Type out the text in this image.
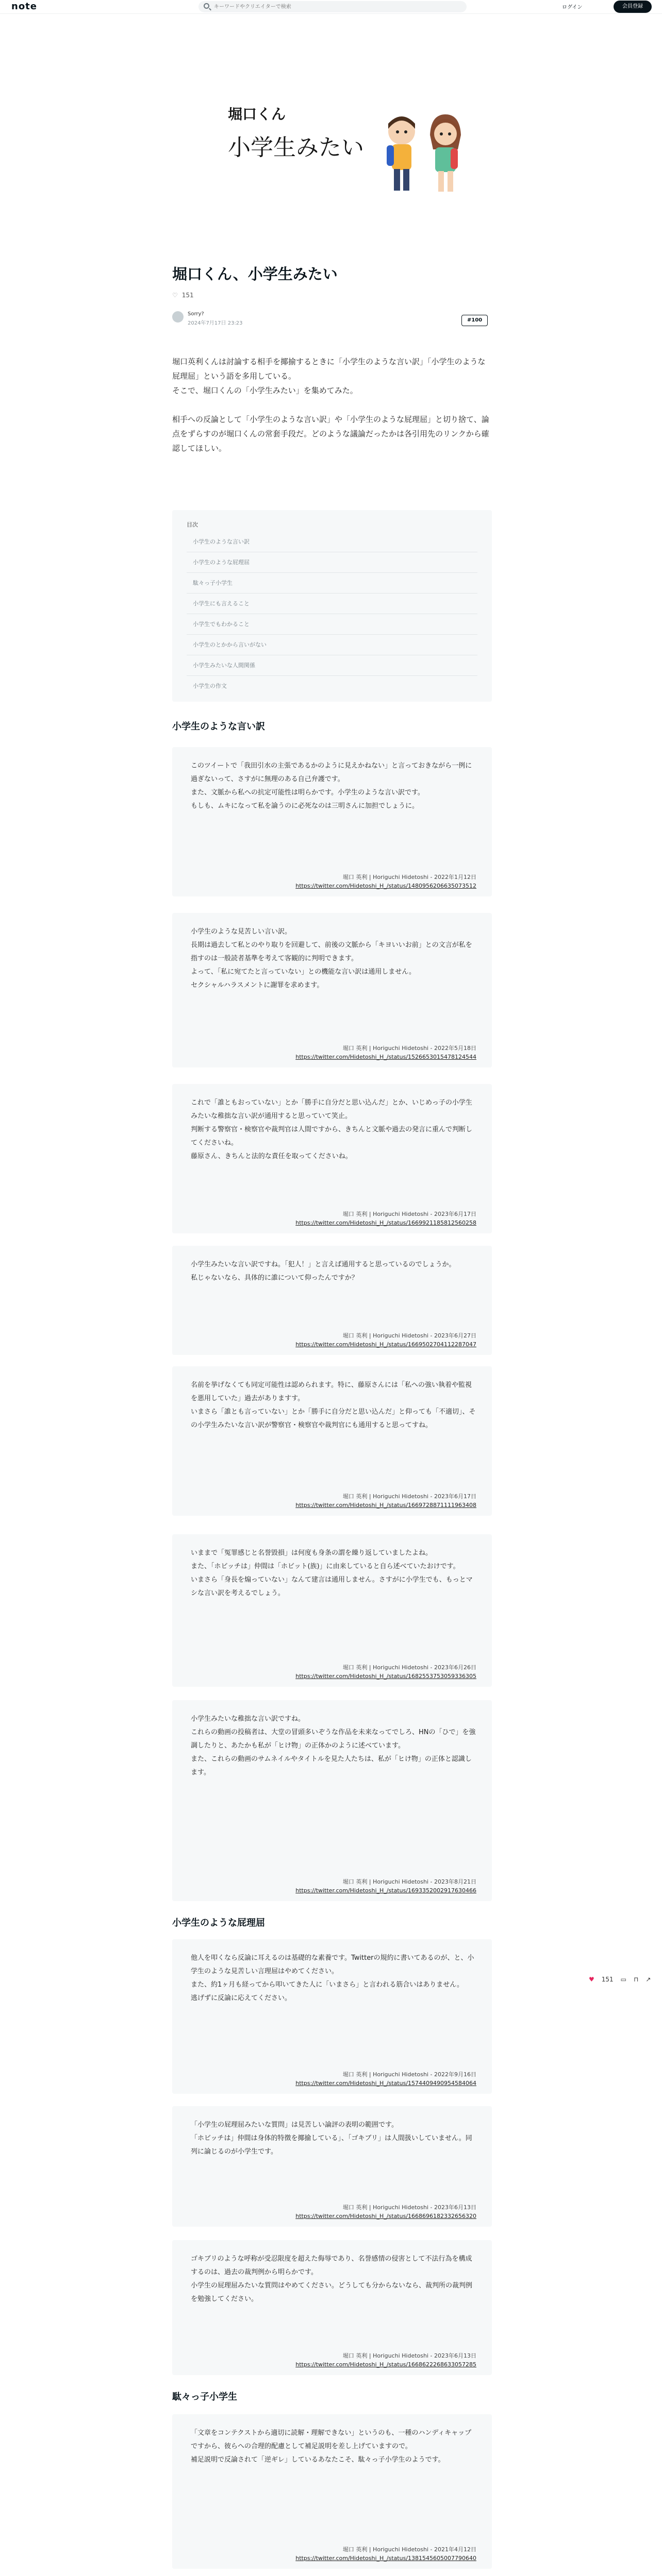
note
キーワードやクリエイターで検索	ログイン	会員登録
堀口くん
小学生みたい
堀口くん、小学生みたい
♡ 151
Sorry?
2024年7月17日 23:23
#100

堀口英利くんは討論する相手を揶揄するときに「小学生のような言い訳」「小学生のような屁理屈」という語を多用している。

そこで、堀口くんの「小学生みたい」を集めてみた。

相手への反論として「小学生のような言い訳」や「小学生のような屁理屈」と切り捨て、論点をずらすのが堀口くんの常套手段だ。どのような議論だったかは各引用先のリンクから確認してほしい。

目次
小学生のような言い訳
小学生のような屁理屈
駄々っ子小学生
小学生にも言えること
小学生でもわかること
小学生のとかから言いがない
小学生みたいな人間関係
小学生の作文
小学生のような言い訳
小学生のような屁理屈
駄々っ子小学生
このツイートで「我田引水の主張であるかのように見えかねない」と言っておきながら一例に過ぎないって、さすがに無理のある自己弁護です。
また、文脈から私への抗定可能性は明らかです。小学生のような言い訳です。
もしも、ムキになって私を論うのに必死なのは三明さんに加担でしょうに。
堀口 英利 | Horiguchi Hidetoshi - 2022年1月12日
https://twitter.com/Hidetoshi_H_/status/1480956206635073512
小学生のような見苦しい言い訳。
長期は過去して私とのやり取りを回避して、前後の文脈から「キヨいいお前」との文言が私を指すのは一般読者基準を考えて客観的に判明できます。
よって、「私に宛てたと言っていない」との機能な言い訳は通用しません。
セクシャルハラスメントに謝罪を求めます。
堀口 英利 | Horiguchi Hidetoshi - 2022年5月18日
https://twitter.com/Hidetoshi_H_/status/1526653015478124544
これで「誰ともおっていない」とか「勝手に自分だと思い込んだ」とか、いじめっ子の小学生みたいな稚拙な言い訳が通用すると思っていて笑止。
判断する警察官・検察官や裁判官は人間ですから、きちんと文脈や過去の発言に重んで判断してくださいね。
藤原さん、きちんと法的な責任を取ってくださいね。
堀口 英利 | Horiguchi Hidetoshi - 2023年6月17日
https://twitter.com/Hidetoshi_H_/status/1669921185812560258
小学生みたいな言い訳ですね。「犯人！」と言えば通用すると思っているのでしょうか。
私じゃないなら、具体的に誰について仰ったんですか？
堀口 英利 | Horiguchi Hidetoshi - 2023年6月27日
https://twitter.com/Hidetoshi_H_/status/1669502704112287047
名前を挙げなくても同定可能性は認められます。特に、藤原さんには「私への強い執着や監視を悪用していた」過去がありますす。
いまさら「誰とも言っていない」とか「勝手に自分だと思い込んだ」と仰っても「不適切」、その小学生みたいな言い訳が警察官・検察官や裁判官にも通用すると思ってすね。
堀口 英利 | Horiguchi Hidetoshi - 2023年6月17日
https://twitter.com/Hidetoshi_H_/status/1669728871111963408
いままで「冤罪感じと名誉毀損」は何度も身条の謂を繰り返していましたよね。
また、「ホビッチは」仲間は「ホビット(族)」に由来していると自ら述べていたおけです。
いまさら「身長を煽っていない」なんて建言は通用しません。さすがに小学生でも、もっとマシな言い訳を考えるでしょう。
堀口 英利 | Horiguchi Hidetoshi - 2023年6月26日
https://twitter.com/Hidetoshi_H_/status/1682553753059336305
小学生みたいな稚拙な言い訳ですね。
これらの動画の投稿者は、大堂の冒頭多いぞうな作品を未来なってでしろ、HNの「ひで」を強調したりと、あたかも私が「ヒけ物」の正体かのように述べています。
また、これらの動画のサムネイルやタイトルを見た人たちは、私が「ヒけ物」の正体と認識します。
堀口 英利 | Horiguchi Hidetoshi - 2023年8月21日
https://twitter.com/Hidetoshi_H_/status/1693352002917630466
他人を叩くなら反論に耳えるのは基礎的な素養です。Twitterの規約に書いてあるのが、と、小学生のような見苦しい言理屈はやめてください。
また、約1ヶ月も経ってから叩いてきた人に「いまさら」と言われる筋合いはありません。
逃げずに反論に応えてください。
堀口 英利 | Horiguchi Hidetoshi - 2022年9月16日
https://twitter.com/Hidetoshi_H_/status/1574409490954584064
「小学生の屁理屈みたいな質問」は見苦しい論評の表明の範囲です。
「ホビッチは」仲間は身体的特徴を揶揄している」、「ゴキブリ」は人間扱いしていません。同列に論じるのが小学生です。
堀口 英利 | Horiguchi Hidetoshi - 2023年6月13日
https://twitter.com/Hidetoshi_H_/status/1668696182332656320
ゴキブリのような呼称が受忍限度を超えた侮辱であり、名誉感情の侵害として不法行為を構成するのは、過去の裁判例から明らかです。
小学生の屁理屈みたいな質問はやめてください。どうしても分からないなら、裁判所の裁判例を勉強してください。
堀口 英利 | Horiguchi Hidetoshi - 2023年6月13日
https://twitter.com/Hidetoshi_H_/status/1668622268633057285
「文章をコンテクストから適切に読解・理解できない」というのも、一種のハンディキャップですから、彼らへの合理的配慮として補足説明を差し上げていますので。
補足説明で反論されて「逆ギレ」しているあなたこそ、駄々っ子小学生のようです。
堀口 英利 | Horiguchi Hidetoshi - 2021年4月12日
https://twitter.com/Hidetoshi_H_/status/1381545605007790640
♥ 151 ▭ ⊓ ↗
